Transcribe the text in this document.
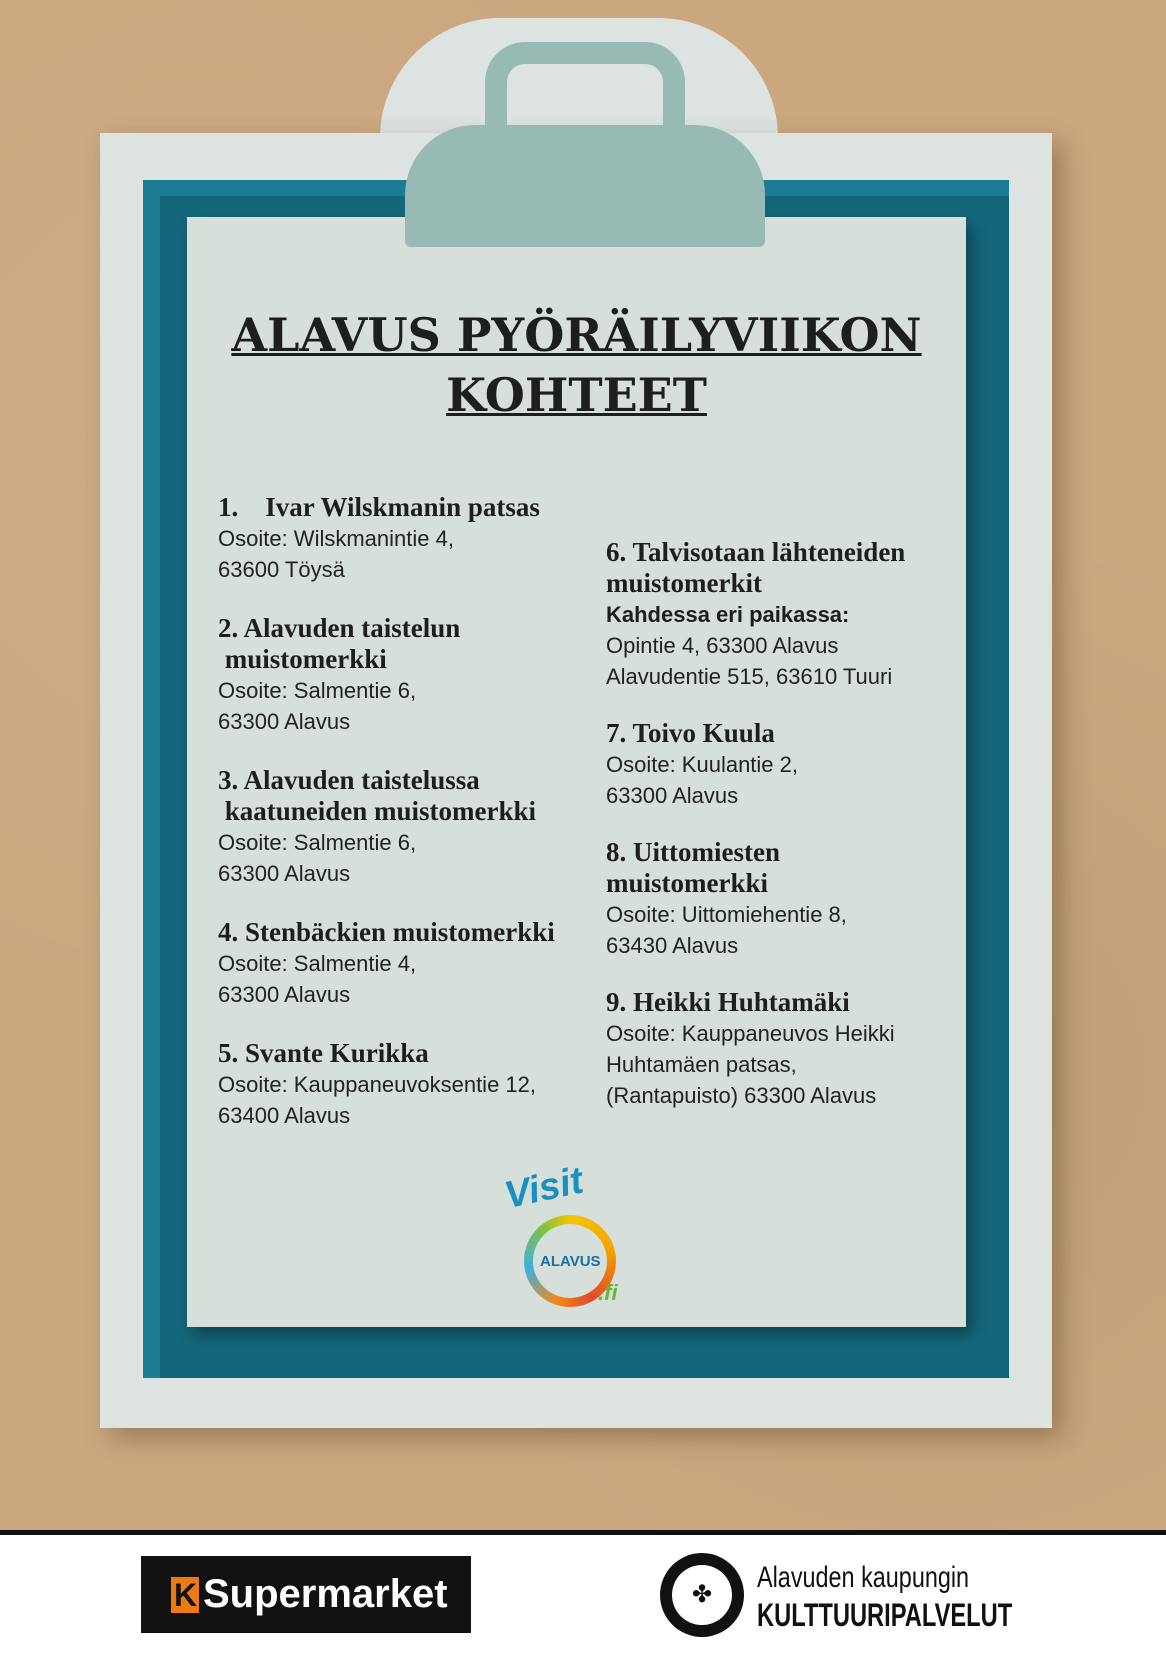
ALAVUS PYÖRÄILYVIIKON
KOHTEET
1.    Ivar Wilskmanin patsas
Osoite: Wilskmanintie 4,
63600 Töysä
2. Alavuden taistelun
muistomerkki
Osoite: Salmentie 6,
63300 Alavus
3. Alavuden taistelussa
kaatuneiden muistomerkki
Osoite: Salmentie 6,
63300 Alavus
4. Stenbäckien muistomerkki
Osoite: Salmentie 4,
63300 Alavus
5. Svante Kurikka
Osoite: Kauppaneuvoksentie 12,
63400 Alavus
6. Talvisotaan lähteneiden
muistomerkit
Kahdessa eri paikassa:
Opintie 4, 63300 Alavus
Alavudentie 515, 63610 Tuuri
7. Toivo Kuula
Osoite: Kuulantie 2,
63300 Alavus
8. Uittomiesten
muistomerkki
Osoite: Uittomiehentie 8,
63430 Alavus
9. Heikki Huhtamäki
Osoite: Kauppaneuvos Heikki
Huhtamäen patsas,
(Rantapuisto) 63300 Alavus
Visit
ALAVUS
.fi
K Supermarket	✤
Alavuden kaupungin
KULTTUURIPALVELUT
